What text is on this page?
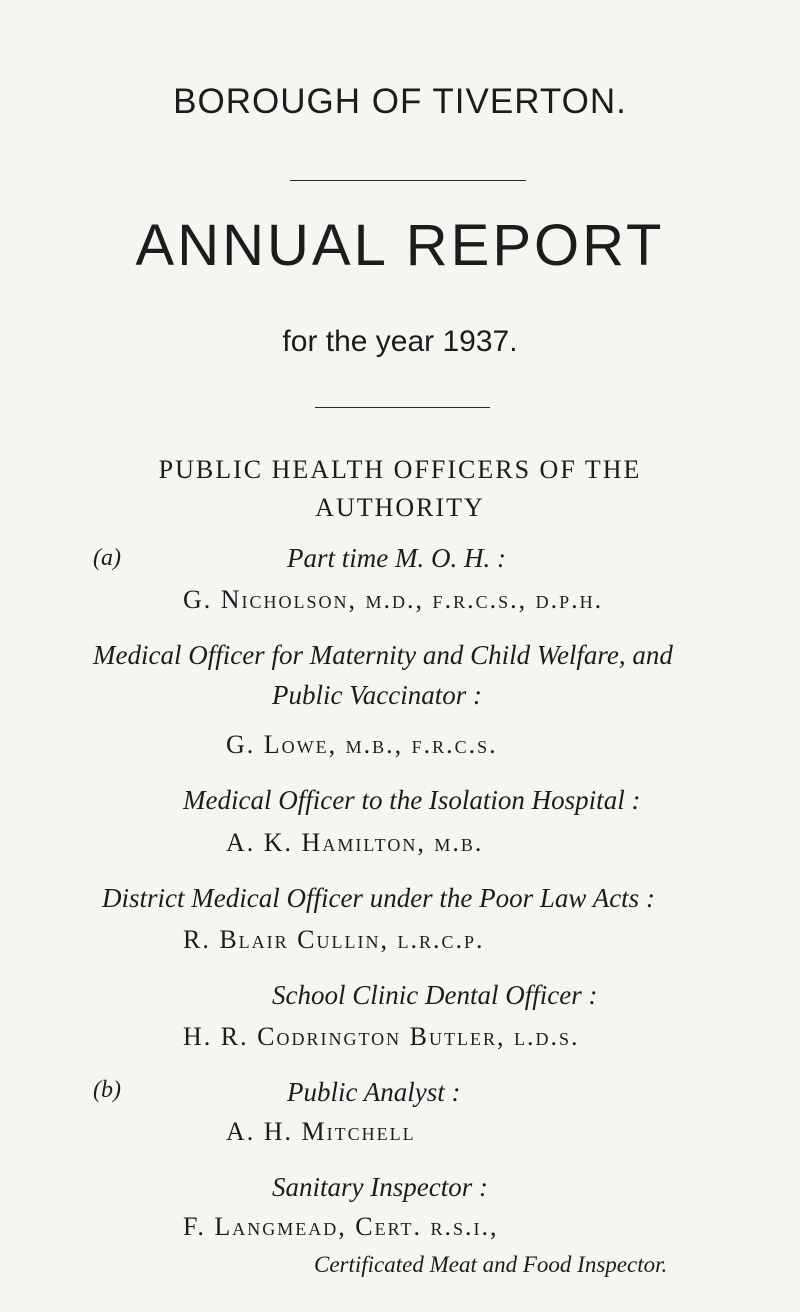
BOROUGH OF TIVERTON.
ANNUAL REPORT
for the year 1937.
PUBLIC HEALTH OFFICERS OF THE
AUTHORITY
(a)	Part time M. O. H. :
G. Nicholson, m.d., f.r.c.s., d.p.h.
Medical Officer for Maternity and Child Welfare, and
Public Vaccinator :
G. Lowe, m.b., f.r.c.s.
Medical Officer to the Isolation Hospital :
A. K. Hamilton, m.b.
District Medical Officer under the Poor Law Acts :
R. Blair Cullin, l.r.c.p.
School Clinic Dental Officer :
H. R. Codrington Butler, l.d.s.
(b)	Public Analyst :
A. H. Mitchell
Sanitary Inspector :
F. Langmead, Cert. r.s.i.,
Certificated Meat and Food Inspector.
